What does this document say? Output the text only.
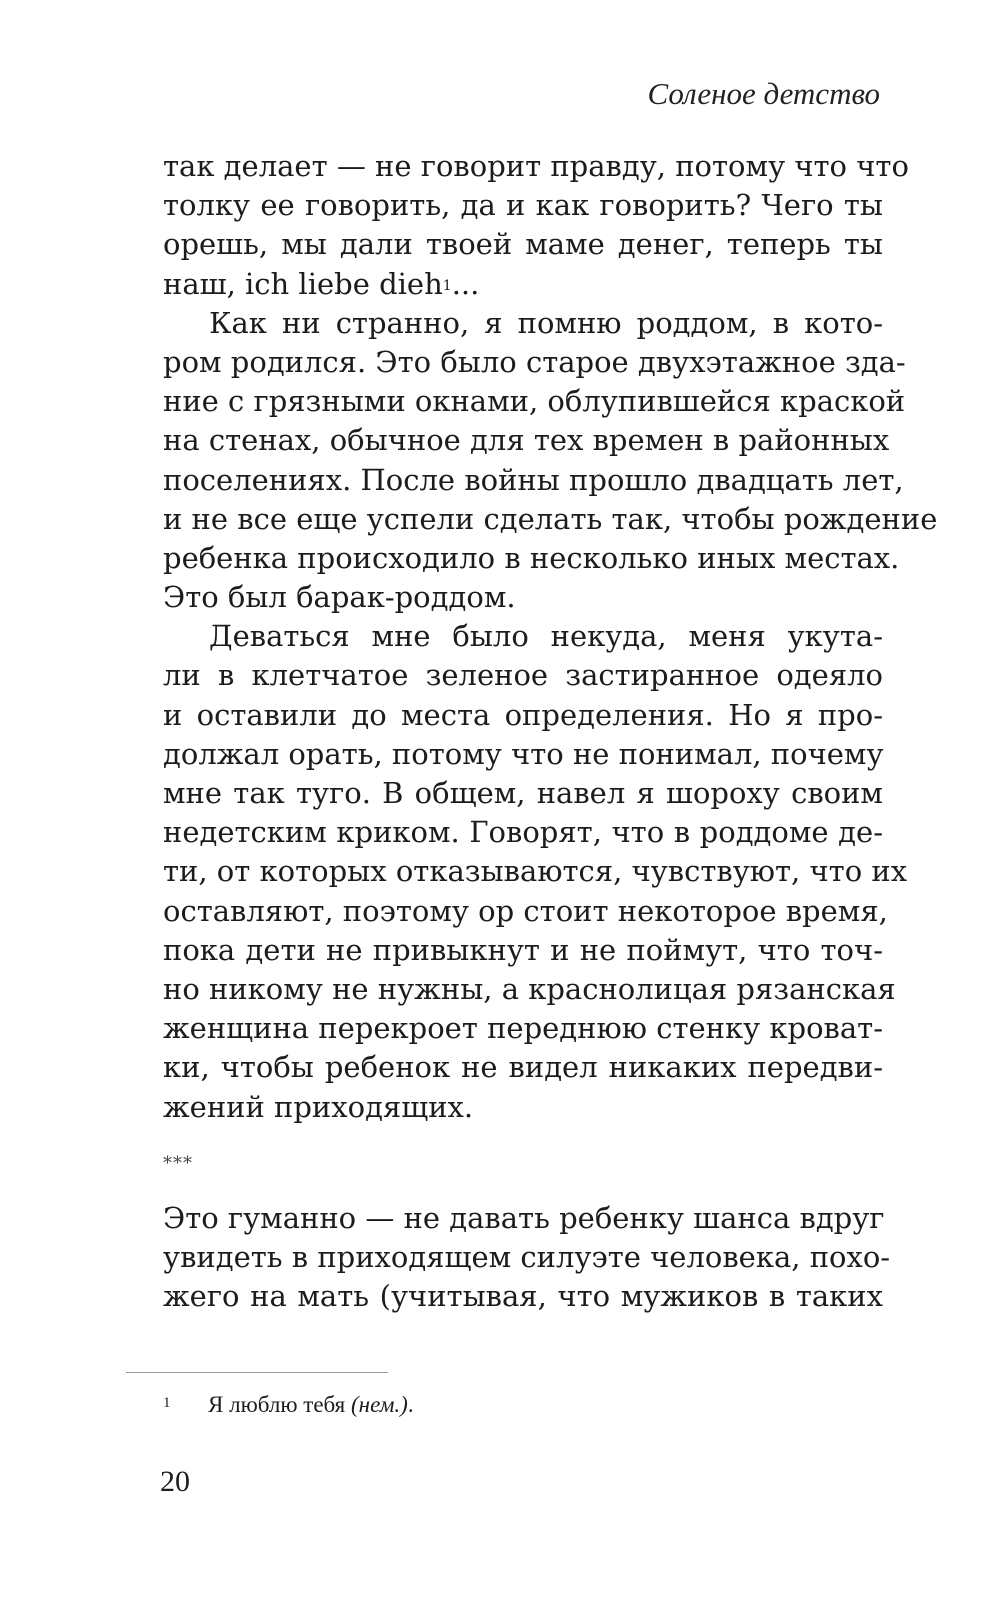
Соленое детство
так делает — не говорит правду, потому что что
толку ее говорить, да и как говорить? Чего ты
орешь, мы дали твоей маме денег, теперь ты
наш, ich liebe dieh$^1$...
Как ни странно, я помню роддом, в кото-
ром родился. Это было старое двухэтажное зда-
ние с грязными окнами, облупившейся краской
на стенах, обычное для тех времен в районных
поселениях. После войны прошло двадцать лет,
и не все еще успели сделать так, чтобы рождение
ребенка происходило в несколько иных местах.
Это был барак-роддом.
Деваться мне было некуда, меня укута-
ли в клетчатое зеленое застиранное одеяло
и оставили до места определения. Но я про-
должал орать, потому что не понимал, почему
мне так туго. В общем, навел я шороху своим
недетским криком. Говорят, что в роддоме де-
ти, от которых отказываются, чувствуют, что их
оставляют, поэтому ор стоит некоторое время,
пока дети не привыкнут и не поймут, что точ-
но никому не нужны, а краснолицая рязанская
женщина перекроет переднюю стенку кроват-
ки, чтобы ребенок не видел никаких передви-
жений приходящих.
***
Это гуманно — не давать ребенку шанса вдруг
увидеть в приходящем силуэте человека, похо-
жего на мать (учитывая, что мужиков в таких
1 Я люблю тебя (нем.).
20
